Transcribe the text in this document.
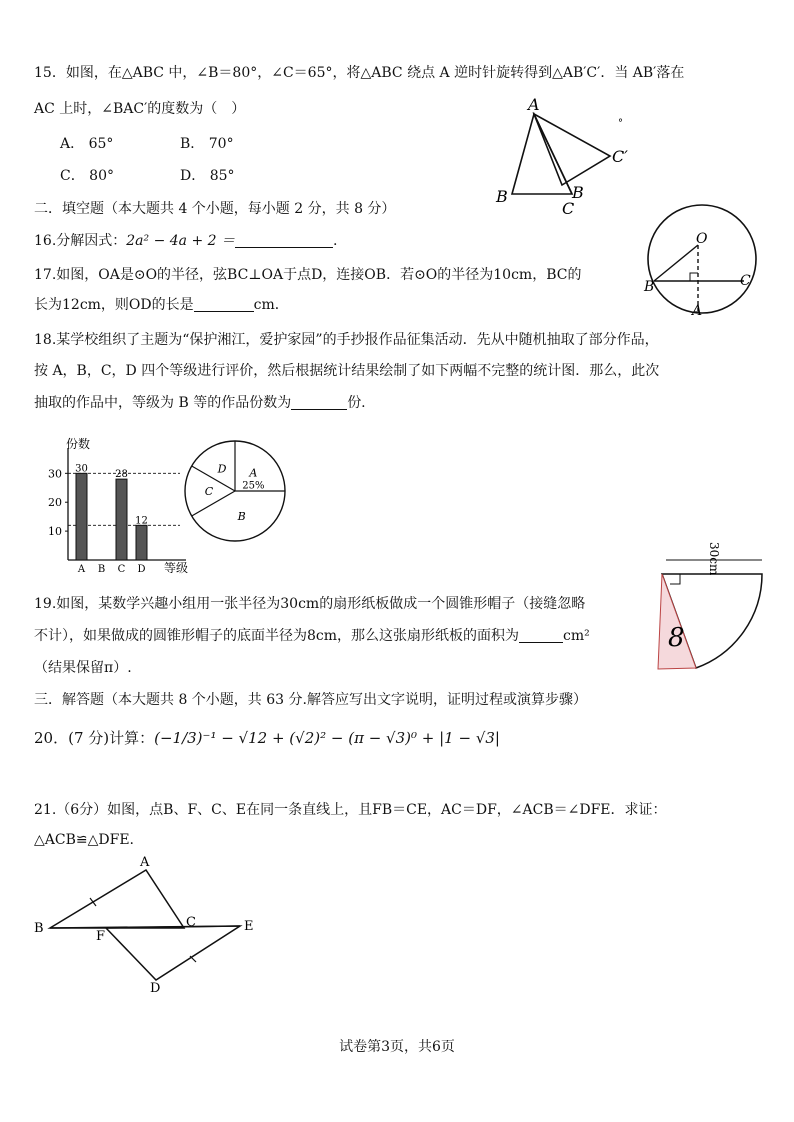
15．如图，在△ABC 中，∠B＝80°，∠C＝65°，将△ABC 绕点 A 逆时针旋转得到△AB′C′．当 AB′落在
AC 上时，∠BAC′的度数为（　）
A． 65°	B． 70°
C． 80°	D． 85°
A
B
C
C′
B
°
二．填空题（本大题共 4 个小题，每小题 2 分，共 8 分）
16.分解因式：2a² − 4a + 2 ＝	.
17.如图，OA是⊙O的半径，弦BC⊥OA于点D，连接OB．若⊙O的半径为10cm，BC的
长为12cm，则OD的长是	cm．
O
B	C
A
18.某学校组织了主题为“保护湘江，爱护家园”的手抄报作品征集活动．先从中随机抽取了部分作品，
按 A，B，C，D 四个等级进行评价，然后根据统计结果绘制了如下两幅不完整的统计图．那么，此次
抽取的作品中，等级为 B 等的作品份数为	份.
份数
等级
10
20
30 30
A B
28
C
12
D
A
B
C
D
25%
19.如图，某数学兴趣小组用一张半径为30cm的扇形纸板做成一个圆锥形帽子（接缝忽略
不计），如果做成的圆锥形帽子的底面半径为8cm，那么这张扇形纸板的面积为	cm²
（结果保留π）.
30cm
8
三．解答题（本大题共 8 个小题，共 63 分.解答应写出文字说明，证明过程或演算步骤）
20．(7 分)计算：(−1/3)⁻¹ − √12 + (√2)² − (π − √3)⁰ + |1 − √3|
21.（6分）如图，点B、F、C、E在同一条直线上，且FB＝CE，AC＝DF，∠ACB＝∠DFE．求证：
△ACB≌△DFE.
A
B
F
C	E
D
试卷第3页，共6页
